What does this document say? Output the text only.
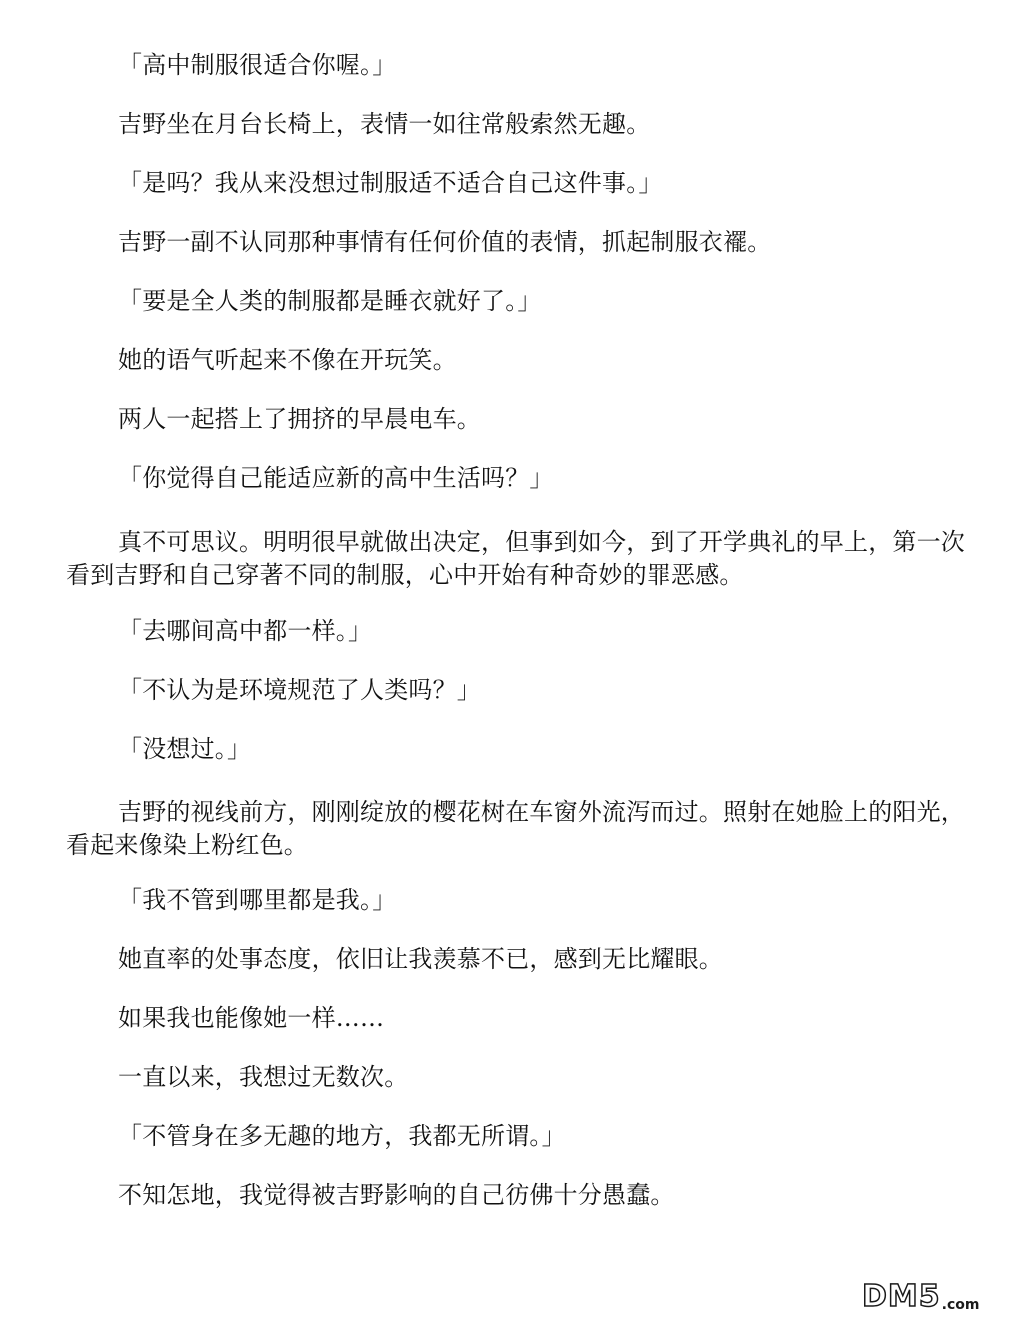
「高中制服很适合你喔。」

吉野坐在月台长椅上，表情一如往常般索然无趣。

「是吗？我从来没想过制服适不适合自己这件事。」

吉野一副不认同那种事情有任何价值的表情，抓起制服衣襬。

「要是全人类的制服都是睡衣就好了。」

她的语气听起来不像在开玩笑。

两人一起搭上了拥挤的早晨电车。

「你觉得自己能适应新的高中生活吗？」

真不可思议。明明很早就做出决定，但事到如今，到了开学典礼的早上，第一次看到吉野和自己穿著不同的制服，心中开始有种奇妙的罪恶感。

「去哪间高中都一样。」

「不认为是环境规范了人类吗？」

「没想过。」

吉野的视线前方，刚刚绽放的樱花树在车窗外流泻而过。照射在她脸上的阳光，看起来像染上粉红色。

「我不管到哪里都是我。」

她直率的处事态度，依旧让我羡慕不已，感到无比耀眼。

如果我也能像她一样……

一直以来，我想过无数次。

「不管身在多无趣的地方，我都无所谓。」

不知怎地，我觉得被吉野影响的自己彷佛十分愚蠢。

DM5 .com
